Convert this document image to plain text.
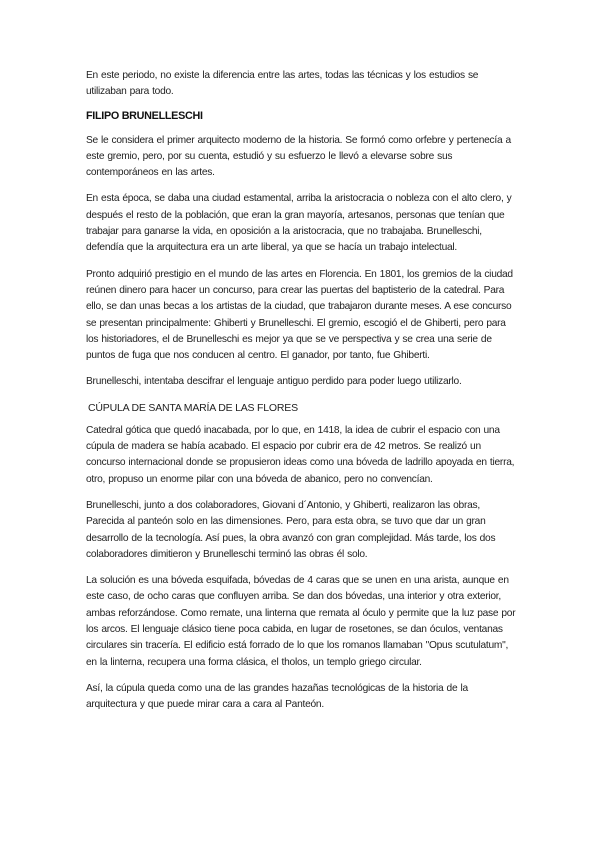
En este periodo, no existe la diferencia entre las artes, todas las técnicas y los estudios se utilizaban para todo.

FILIPO BRUNELLESCHI

Se le considera el primer arquitecto moderno de la historia. Se formó como orfebre y pertenecía a este gremio, pero, por su cuenta, estudió y su esfuerzo le llevó a elevarse sobre sus contemporáneos en las artes.

En esta época, se daba una ciudad estamental, arriba la aristocracia o nobleza con el alto clero, y después el resto de la población, que eran la gran mayoría, artesanos, personas que tenían que trabajar para ganarse la vida, en oposición a la aristocracia, que no trabajaba. Brunelleschi, defendía que la arquitectura era un arte liberal, ya que se hacía un trabajo intelectual.

Pronto adquirió prestigio en el mundo de las artes en Florencia. En 1801, los gremios de la ciudad reúnen dinero para hacer un concurso, para crear las puertas del baptisterio de la catedral. Para ello, se dan unas becas a los artistas de la ciudad, que trabajaron durante meses. A ese concurso se presentan principalmente: Ghiberti y Brunelleschi. El gremio, escogió el de Ghiberti, pero para los historiadores, el de Brunelleschi es mejor ya que se ve perspectiva y se crea una serie de puntos de fuga que nos conducen al centro. El ganador, por tanto, fue Ghiberti.

Brunelleschi, intentaba descifrar el lenguaje antiguo perdido para poder luego utilizarlo.

CÚPULA DE SANTA MARÍA DE LAS FLORES

Catedral gótica que quedó inacabada, por lo que, en 1418, la idea de cubrir el espacio con una cúpula de madera se había acabado. El espacio por cubrir era de 42 metros. Se realizó un concurso internacional donde se propusieron ideas como una bóveda de ladrillo apoyada en tierra, otro, propuso un enorme pilar con una bóveda de abanico, pero no convencían.

Brunelleschi, junto a dos colaboradores, Giovani d´Antonio, y Ghiberti, realizaron las obras, Parecida al panteón solo en las dimensiones. Pero, para esta obra, se tuvo que dar un gran desarrollo de la tecnología. Así pues, la obra avanzó con gran complejidad. Más tarde, los dos colaboradores dimitieron y Brunelleschi terminó las obras él solo.

La solución es una bóveda esquifada, bóvedas de 4 caras que se unen en una arista, aunque en este caso, de ocho caras que confluyen arriba. Se dan dos bóvedas, una interior y otra exterior, ambas reforzándose. Como remate, una linterna que remata al óculo y permite que la luz pase por los arcos. El lenguaje clásico tiene poca cabida, en lugar de rosetones, se dan óculos, ventanas circulares sin tracería. El edificio está forrado de lo que los romanos llamaban "Opus scutulatum", en la linterna, recupera una forma clásica, el tholos, un templo griego circular.

Así, la cúpula queda como una de las grandes hazañas tecnológicas de la historia de la arquitectura y que puede mirar cara a cara al Panteón.
